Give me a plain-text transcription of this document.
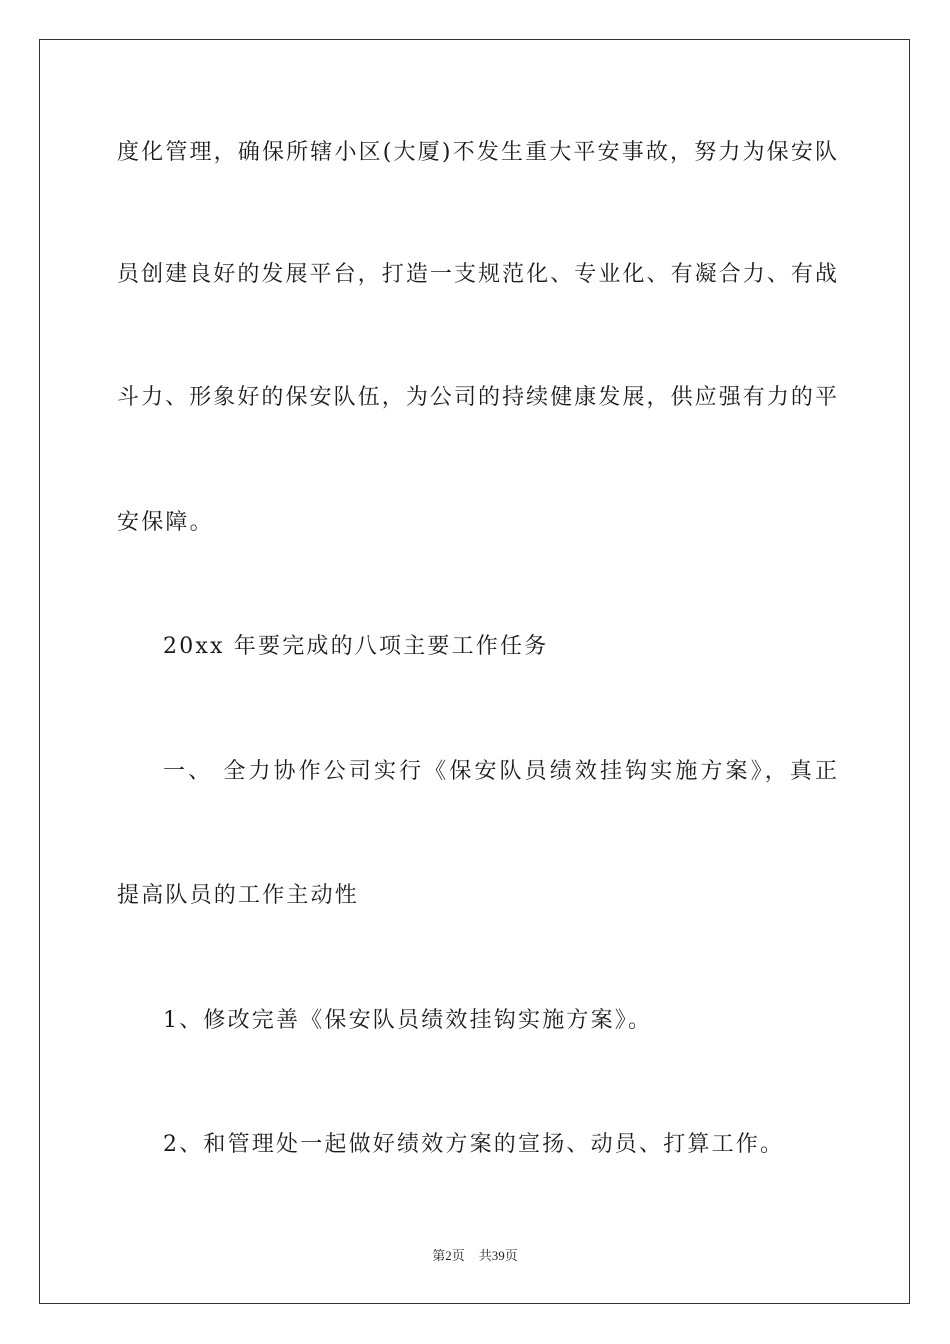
度化管理，确保所辖小区(大厦)不发生重大平安事故，努力为保安队
员创建良好的发展平台，打造一支规范化、专业化、有凝合力、有战
斗力、形象好的保安队伍，为公司的持续健康发展，供应强有力的平
安保障。
20xx 年要完成的八项主要工作任务
一、 全力协作公司实行《保安队员绩效挂钩实施方案》，真正
提高队员的工作主动性
1、修改完善《保安队员绩效挂钩实施方案》。
2、和管理处一起做好绩效方案的宣扬、动员、打算工作。
第2页 共39页
